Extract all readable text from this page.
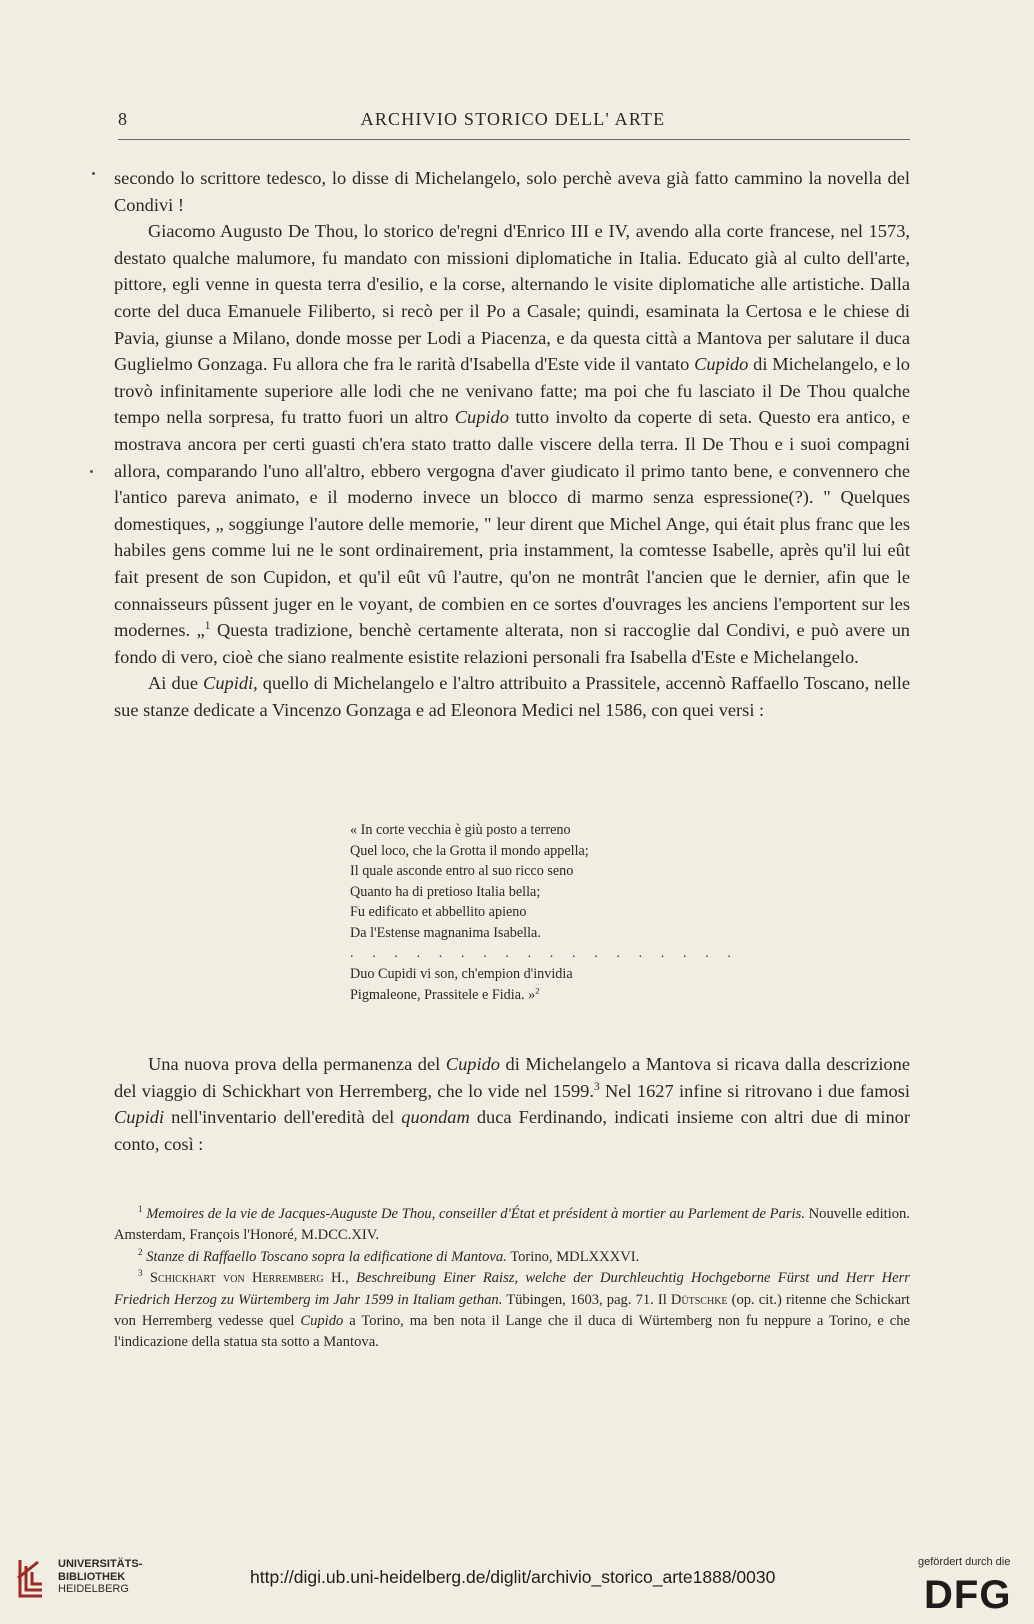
8	ARCHIVIO STORICO DELL' ARTE

secondo lo scrittore tedesco, lo disse di Michelangelo, solo perchè aveva già fatto cammino la novella del Condivi !

Giacomo Augusto De Thou, lo storico de'regni d'Enrico III e IV, avendo alla corte francese, nel 1573, destato qualche malumore, fu mandato con missioni diplomatiche in Italia. Educato già al culto dell'arte, pittore, egli venne in questa terra d'esilio, e la corse, alternando le visite diplomatiche alle artistiche. Dalla corte del duca Emanuele Filiberto, si recò per il Po a Casale; quindi, esaminata la Certosa e le chiese di Pavia, giunse a Milano, donde mosse per Lodi a Piacenza, e da questa città a Mantova per salutare il duca Guglielmo Gonzaga. Fu allora che fra le rarità d'Isabella d'Este vide il vantato Cupido di Michelangelo, e lo trovò infinitamente superiore alle lodi che ne venivano fatte; ma poi che fu lasciato il De Thou qualche tempo nella sorpresa, fu tratto fuori un altro Cupido tutto involto da coperte di seta. Questo era antico, e mostrava ancora per certi guasti ch'era stato tratto dalle viscere della terra. Il De Thou e i suoi compagni allora, comparando l'uno all'altro, ebbero vergogna d'aver giudicato il primo tanto bene, e convennero che l'antico pareva animato, e il moderno invece un blocco di marmo senza espressione(?). " Quelques domestiques, „ soggiunge l'autore delle memorie, " leur dirent que Michel Ange, qui était plus franc que les habiles gens comme lui ne le sont ordinairement, pria instamment, la comtesse Isabelle, après qu'il lui eût fait present de son Cupidon, et qu'il eût vû l'autre, qu'on ne montrât l'ancien que le dernier, afin que le connaisseurs pûssent juger en le voyant, de combien en ce sortes d'ouvrages les anciens l'emportent sur les modernes. „$^1$ Questa tradizione, benchè certamente alterata, non si raccoglie dal Condivi, e può avere un fondo di vero, cioè che siano realmente esistite relazioni personali fra Isabella d'Este e Michelangelo.

Ai due Cupidi, quello di Michelangelo e l'altro attribuito a Prassitele, accennò Raffaello Toscano, nelle sue stanze dedicate a Vincenzo Gonzaga e ad Eleonora Medici nel 1586, con quei versi :

« In corte vecchia è giù posto a terreno
Quel loco, che la Grotta il mondo appella;
Il quale asconde entro al suo ricco seno
Quanto ha di pretioso Italia bella;
Fu edificato et abbellito apieno
Da l'Estense magnanima Isabella.
. . . . . . . . . . . . . . . . . .
Duo Cupidi vi son, ch'empion d'invidia
Pigmaleone, Prassitele e Fidia. »$^2$

Una nuova prova della permanenza del Cupido di Michelangelo a Mantova si ricava dalla descrizione del viaggio di Schickhart von Herremberg, che lo vide nel 1599.$^3$ Nel 1627 infine si ritrovano i due famosi Cupidi nell'inventario dell'eredità del quondam duca Ferdinando, indicati insieme con altri due di minor conto, così :

$^1$ Memoires de la vie de Jacques-Auguste De Thou, conseiller d'État et président à mortier au Parlement de Paris. Nouvelle edition. Amsterdam, François l'Honoré, M.DCC.XIV.

$^2$ Stanze di Raffaello Toscano sopra la edificatione di Mantova. Torino, MDLXXXVI.

$^3$ Schickhart von Herremberg H., Beschreibung Einer Raisz, welche der Durchleuchtig Hochgeborne Fürst und Herr Herr Friedrich Herzog zu Würtemberg im Jahr 1599 in Italiam gethan. Tübingen, 1603, pag. 71. Il Dütschke (op. cit.) ritenne che Schickart von Herremberg vedesse quel Cupido a Torino, ma ben nota il Lange che il duca di Würtemberg non fu neppure a Torino, e che l'indicazione della statua sta sotto a Mantova.

UNIVERSITÄTS-
BIBLIOTHEK
HEIDELBERG
http://digi.ub.uni-heidelberg.de/diglit/archivio_storico_arte1888/0030
gefördert durch die
DFG
